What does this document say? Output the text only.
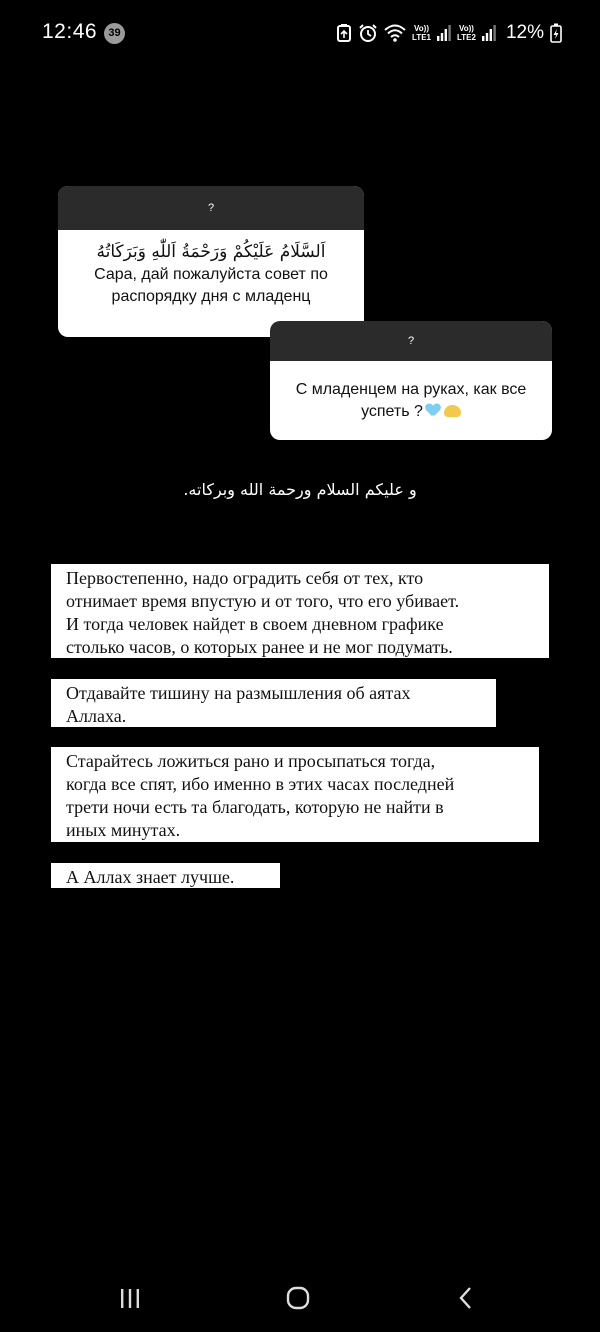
12:46	39	Vo))
LTE1
Vo))
LTE2 12%
?
اَلسَّلَامُ عَلَيْكُمْ وَرَحْمَةُ اَللّٰهِ وَبَرَكَاتُهُ
Сара, дай пожалуйста совет по распорядку дня с младенц
?
С младенцем на руках, как все успеть ?
و عليكم السلام ورحمة الله وبركاته.
Первостепенно, надо оградить себя от тех, кто
отнимает время впустую и от того, что его убивает.
И тогда человек найдет в своем дневном графике
столько часов, о которых ранее и не мог подумать.
Отдавайте тишину на размышления об аятах
Аллаха.
Старайтесь ложиться рано и просыпаться тогда,
когда все спят, ибо именно в этих часах последней
трети ночи есть та благодать, которую не найти в
иных минутах.
А Аллах знает лучше.
